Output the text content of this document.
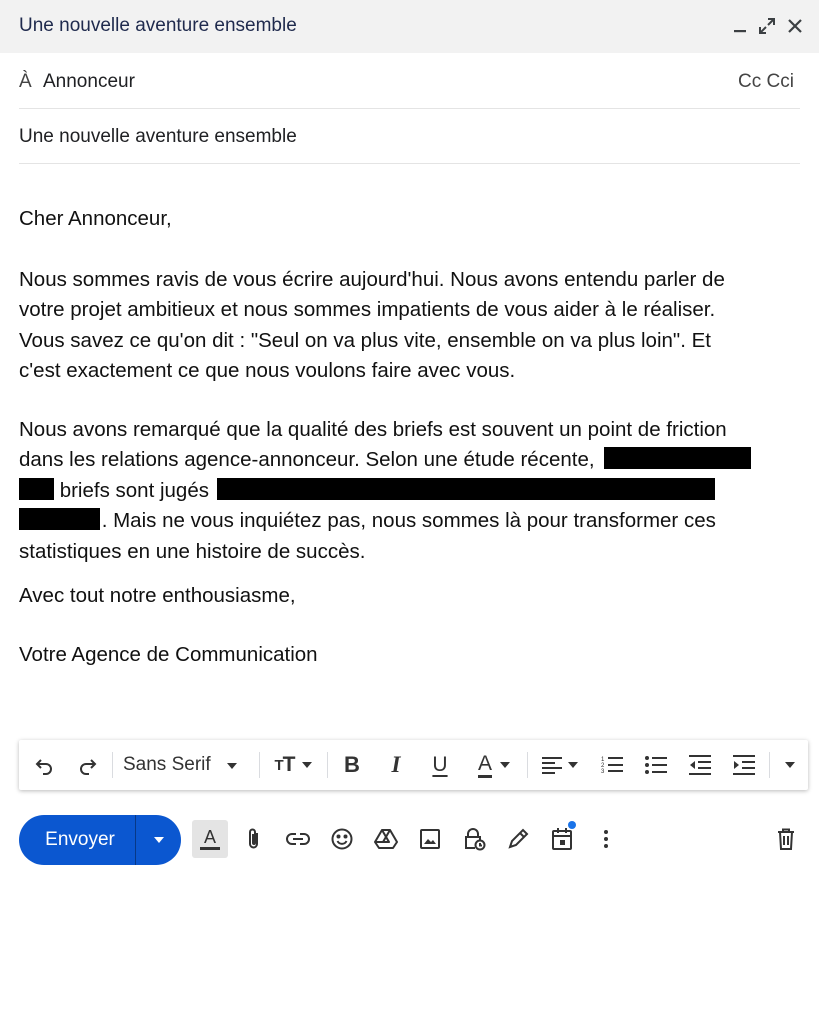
Une nouvelle aventure ensemble
À Annonceur	Cc Cci
Une nouvelle aventure ensemble

Cher Annonceur,

Nous sommes ravis de vous écrire aujourd'hui. Nous avons entendu parler de

votre projet ambitieux et nous sommes impatients de vous aider à le réaliser.

Vous savez ce qu'on dit : "Seul on va plus vite, ensemble on va plus loin". Et

c'est exactement ce que nous voulons faire avec vous.

Nous avons remarqué que la qualité des briefs est souvent un point de friction

dans les relations agence-annonceur. Selon une étude récente,

briefs sont jugés

. Mais ne vous inquiétez pas, nous sommes là pour transformer ces

statistiques en une histoire de succès.

Avec tout notre enthousiasme,

Votre Agence de Communication

Sans Serif	T T B I U A	1
2
3
Envoyer	A
